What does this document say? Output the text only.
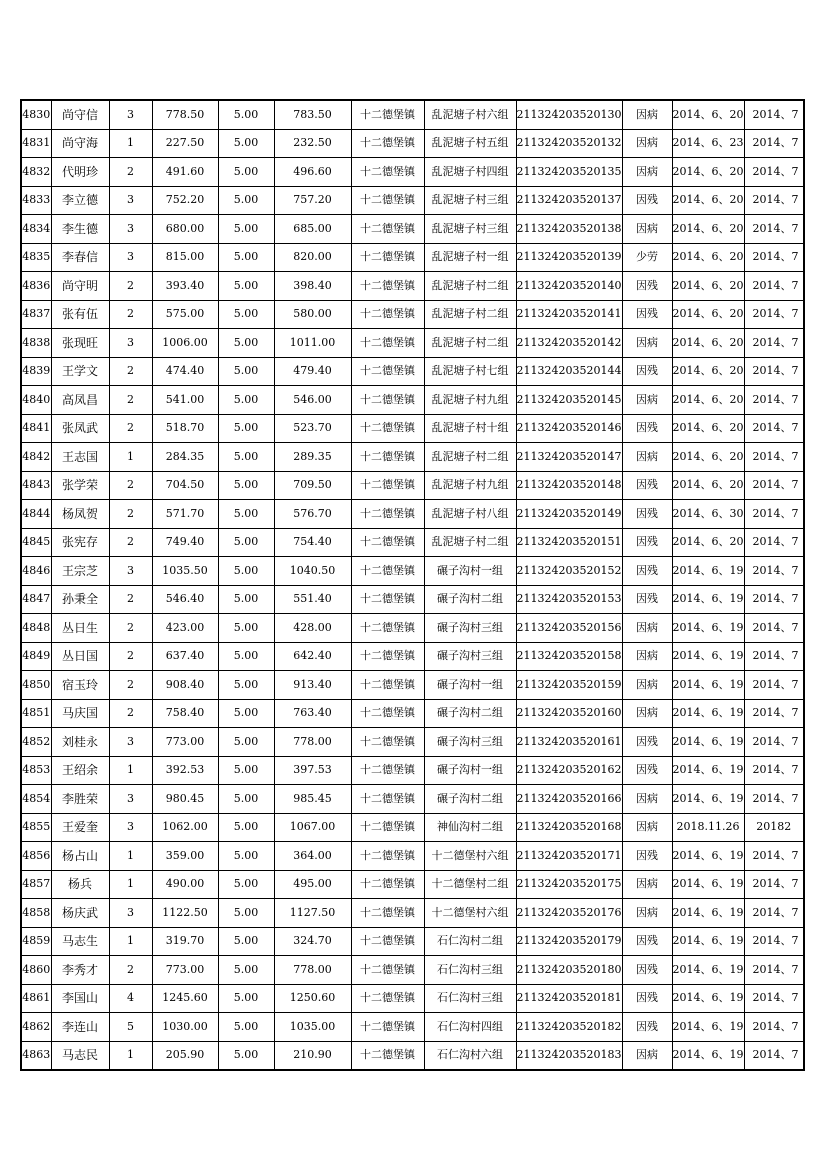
4830	尚守信	3	778.50	5.00	783.50	十二德堡镇	乱泥塘子村六组	211324203520130	因病	2014、6、20	2014、7
4831	尚守海	1	227.50	5.00	232.50	十二德堡镇	乱泥塘子村五组	211324203520132	因病	2014、6、23	2014、7
4832	代明珍	2	491.60	5.00	496.60	十二德堡镇	乱泥塘子村四组	211324203520135	因病	2014、6、20	2014、7
4833	李立德	3	752.20	5.00	757.20	十二德堡镇	乱泥塘子村三组	211324203520137	因残	2014、6、20	2014、7
4834	李生德	3	680.00	5.00	685.00	十二德堡镇	乱泥塘子村三组	211324203520138	因病	2014、6、20	2014、7
4835	李春信	3	815.00	5.00	820.00	十二德堡镇	乱泥塘子村一组	211324203520139	少劳	2014、6、20	2014、7
4836	尚守明	2	393.40	5.00	398.40	十二德堡镇	乱泥塘子村二组	211324203520140	因残	2014、6、20	2014、7
4837	张有伍	2	575.00	5.00	580.00	十二德堡镇	乱泥塘子村二组	211324203520141	因残	2014、6、20	2014、7
4838	张现旺	3	1006.00	5.00	1011.00	十二德堡镇	乱泥塘子村二组	211324203520142	因病	2014、6、20	2014、7
4839	王学文	2	474.40	5.00	479.40	十二德堡镇	乱泥塘子村七组	211324203520144	因残	2014、6、20	2014、7
4840	高凤昌	2	541.00	5.00	546.00	十二德堡镇	乱泥塘子村九组	211324203520145	因病	2014、6、20	2014、7
4841	张凤武	2	518.70	5.00	523.70	十二德堡镇	乱泥塘子村十组	211324203520146	因残	2014、6、20	2014、7
4842	王志国	1	284.35	5.00	289.35	十二德堡镇	乱泥塘子村二组	211324203520147	因病	2014、6、20	2014、7
4843	张学荣	2	704.50	5.00	709.50	十二德堡镇	乱泥塘子村九组	211324203520148	因残	2014、6、20	2014、7
4844	杨凤贺	2	571.70	5.00	576.70	十二德堡镇	乱泥塘子村八组	211324203520149	因残	2014、6、30	2014、7
4845	张宪存	2	749.40	5.00	754.40	十二德堡镇	乱泥塘子村二组	211324203520151	因残	2014、6、20	2014、7
4846	王宗芝	3	1035.50	5.00	1040.50	十二德堡镇	碾子沟村一组	211324203520152	因残	2014、6、19	2014、7
4847	孙秉全	2	546.40	5.00	551.40	十二德堡镇	碾子沟村二组	211324203520153	因残	2014、6、19	2014、7
4848	丛日生	2	423.00	5.00	428.00	十二德堡镇	碾子沟村三组	211324203520156	因病	2014、6、19	2014、7
4849	丛日国	2	637.40	5.00	642.40	十二德堡镇	碾子沟村三组	211324203520158	因病	2014、6、19	2014、7
4850	宿玉玲	2	908.40	5.00	913.40	十二德堡镇	碾子沟村一组	211324203520159	因病	2014、6、19	2014、7
4851	马庆国	2	758.40	5.00	763.40	十二德堡镇	碾子沟村二组	211324203520160	因病	2014、6、19	2014、7
4852	刘桂永	3	773.00	5.00	778.00	十二德堡镇	碾子沟村三组	211324203520161	因残	2014、6、19	2014、7
4853	王绍余	1	392.53	5.00	397.53	十二德堡镇	碾子沟村一组	211324203520162	因残	2014、6、19	2014、7
4854	李胜荣	3	980.45	5.00	985.45	十二德堡镇	碾子沟村二组	211324203520166	因病	2014、6、19	2014、7
4855	王爱奎	3	1062.00	5.00	1067.00	十二德堡镇	神仙沟村二组	211324203520168	因病	2018.11.26	20182
4856	杨占山	1	359.00	5.00	364.00	十二德堡镇	十二德堡村六组	211324203520171	因残	2014、6、19	2014、7
4857	杨兵	1	490.00	5.00	495.00	十二德堡镇	十二德堡村二组	211324203520175	因病	2014、6、19	2014、7
4858	杨庆武	3	1122.50	5.00	1127.50	十二德堡镇	十二德堡村六组	211324203520176	因病	2014、6、19	2014、7
4859	马志生	1	319.70	5.00	324.70	十二德堡镇	石仁沟村二组	211324203520179	因残	2014、6、19	2014、7
4860	李秀才	2	773.00	5.00	778.00	十二德堡镇	石仁沟村三组	211324203520180	因残	2014、6、19	2014、7
4861	李国山	4	1245.60	5.00	1250.60	十二德堡镇	石仁沟村三组	211324203520181	因残	2014、6、19	2014、7
4862	李连山	5	1030.00	5.00	1035.00	十二德堡镇	石仁沟村四组	211324203520182	因残	2014、6、19	2014、7
4863	马志民	1	205.90	5.00	210.90	十二德堡镇	石仁沟村六组	211324203520183	因病	2014、6、19	2014、7
